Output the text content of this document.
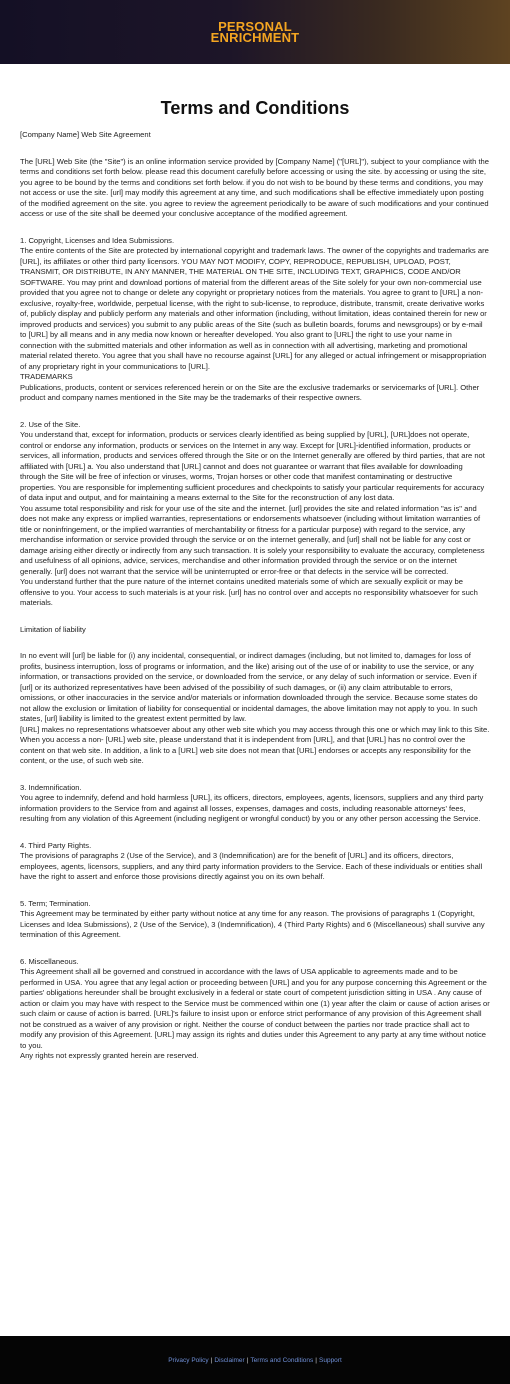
PERSONAL
ENRICHMENT
Terms and Conditions
[Company Name] Web Site Agreement

The [URL] Web Site (the "Site") is an online information service provided by [Company Name] ("[URL]"), subject to your compliance with the terms and conditions set forth below. please read this document carefully before accessing or using the site. by accessing or using the site, you agree to be bound by the terms and conditions set forth below. if you do not wish to be bound by these terms and conditions, you may not access or use the site. [url] may modify this agreement at any time, and such modifications shall be effective immediately upon posting of the modified agreement on the site. you agree to review the agreement periodically to be aware of such modifications and your continued access or use of the site shall be deemed your conclusive acceptance of the modified agreement.

1. Copyright, Licenses and Idea Submissions.

The entire contents of the Site are protected by international copyright and trademark laws. The owner of the copyrights and trademarks are [URL], its affiliates or other third party licensors. YOU MAY NOT MODIFY, COPY, REPRODUCE, REPUBLISH, UPLOAD, POST, TRANSMIT, OR DISTRIBUTE, IN ANY MANNER, THE MATERIAL ON THE SITE, INCLUDING TEXT, GRAPHICS, CODE AND/OR SOFTWARE. You may print and download portions of material from the different areas of the Site solely for your own non-commercial use provided that you agree not to change or delete any copyright or proprietary notices from the materials. You agree to grant to [URL] a non-exclusive, royalty-free, worldwide, perpetual license, with the right to sub-license, to reproduce, distribute, transmit, create derivative works of, publicly display and publicly perform any materials and other information (including, without limitation, ideas contained therein for new or improved products and services) you submit to any public areas of the Site (such as bulletin boards, forums and newsgroups) or by e-mail to [URL] by all means and in any media now known or hereafter developed. You also grant to [URL] the right to use your name in connection with the submitted materials and other information as well as in connection with all advertising, marketing and promotional material related thereto. You agree that you shall have no recourse against [URL] for any alleged or actual infringement or misappropriation of any proprietary right in your communications to [URL].

TRADEMARKS

Publications, products, content or services referenced herein or on the Site are the exclusive trademarks or servicemarks of [URL]. Other product and company names mentioned in the Site may be the trademarks of their respective owners.

2. Use of the Site.

You understand that, except for information, products or services clearly identified as being supplied by [URL], [URL]does not operate, control or endorse any information, products or services on the Internet in any way. Except for [URL]-identified information, products or services, all information, products and services offered through the Site or on the Internet generally are offered by third parties, that are not affiliated with [URL] a. You also understand that [URL] cannot and does not guarantee or warrant that files available for downloading through the Site will be free of infection or viruses, worms, Trojan horses or other code that manifest contaminating or destructive properties. You are responsible for implementing sufficient procedures and checkpoints to satisfy your particular requirements for accuracy of data input and output, and for maintaining a means external to the Site for the reconstruction of any lost data.

You assume total responsibility and risk for your use of the site and the internet. [url] provides the site and related information "as is" and does not make any express or implied warranties, representations or endorsements whatsoever (including without limitation warranties of title or noninfringement, or the implied warranties of merchantability or fitness for a particular purpose) with regard to the service, any merchandise information or service provided through the service or on the internet generally, and [url] shall not be liable for any cost or damage arising either directly or indirectly from any such transaction. It is solely your responsibility to evaluate the accuracy, completeness and usefulness of all opinions, advice, services, merchandise and other information provided through the service or on the internet generally. [url] does not warrant that the service will be uninterrupted or error-free or that defects in the service will be corrected.

You understand further that the pure nature of the internet contains unedited materials some of which are sexually explicit or may be offensive to you. Your access to such materials is at your risk. [url] has no control over and accepts no responsibility whatsoever for such materials.

Limitation of liability

In no event will [url] be liable for (i) any incidental, consequential, or indirect damages (including, but not limited to, damages for loss of profits, business interruption, loss of programs or information, and the like) arising out of the use of or inability to use the service, or any information, or transactions provided on the service, or downloaded from the service, or any delay of such information or service. Even if [url] or its authorized representatives have been advised of the possibility of such damages, or (ii) any claim attributable to errors, omissions, or other inaccuracies in the service and/or materials or information downloaded through the service. Because some states do not allow the exclusion or limitation of liability for consequential or incidental damages, the above limitation may not apply to you. In such states, [url] liability is limited to the greatest extent permitted by law.

[URL] makes no representations whatsoever about any other web site which you may access through this one or which may link to this Site. When you access a non- [URL] web site, please understand that it is independent from [URL], and that [URL] has no control over the content on that web site. In addition, a link to a [URL] web site does not mean that [URL] endorses or accepts any responsibility for the content, or the use, of such web site.

3. Indemnification.

You agree to indemnify, defend and hold harmless [URL], its officers, directors, employees, agents, licensors, suppliers and any third party information providers to the Service from and against all losses, expenses, damages and costs, including reasonable attorneys' fees, resulting from any violation of this Agreement (including negligent or wrongful conduct) by you or any other person accessing the Service.

4. Third Party Rights.

The provisions of paragraphs 2 (Use of the Service), and 3 (Indemnification) are for the benefit of [URL] and its officers, directors, employees, agents, licensors, suppliers, and any third party information providers to the Service. Each of these individuals or entities shall have the right to assert and enforce those provisions directly against you on its own behalf.

5. Term; Termination.

This Agreement may be terminated by either party without notice at any time for any reason. The provisions of paragraphs 1 (Copyright, Licenses and Idea Submissions), 2 (Use of the Service), 3 (Indemnification), 4 (Third Party Rights) and 6 (Miscellaneous) shall survive any termination of this Agreement.

6. Miscellaneous.

This Agreement shall all be governed and construed in accordance with the laws of USA applicable to agreements made and to be performed in USA. You agree that any legal action or proceeding between [URL] and you for any purpose concerning this Agreement or the parties' obligations hereunder shall be brought exclusively in a federal or state court of competent jurisdiction sitting in USA . Any cause of action or claim you may have with respect to the Service must be commenced within one (1) year after the claim or cause of action arises or such claim or cause of action is barred. [URL]'s failure to insist upon or enforce strict performance of any provision of this Agreement shall not be construed as a waiver of any provision or right. Neither the course of conduct between the parties nor trade practice shall act to modify any provision of this Agreement. [URL] may assign its rights and duties under this Agreement to any party at any time without notice to you.

Any rights not expressly granted herein are reserved.

Privacy Policy | Disclaimer | Terms and Conditions | Support
